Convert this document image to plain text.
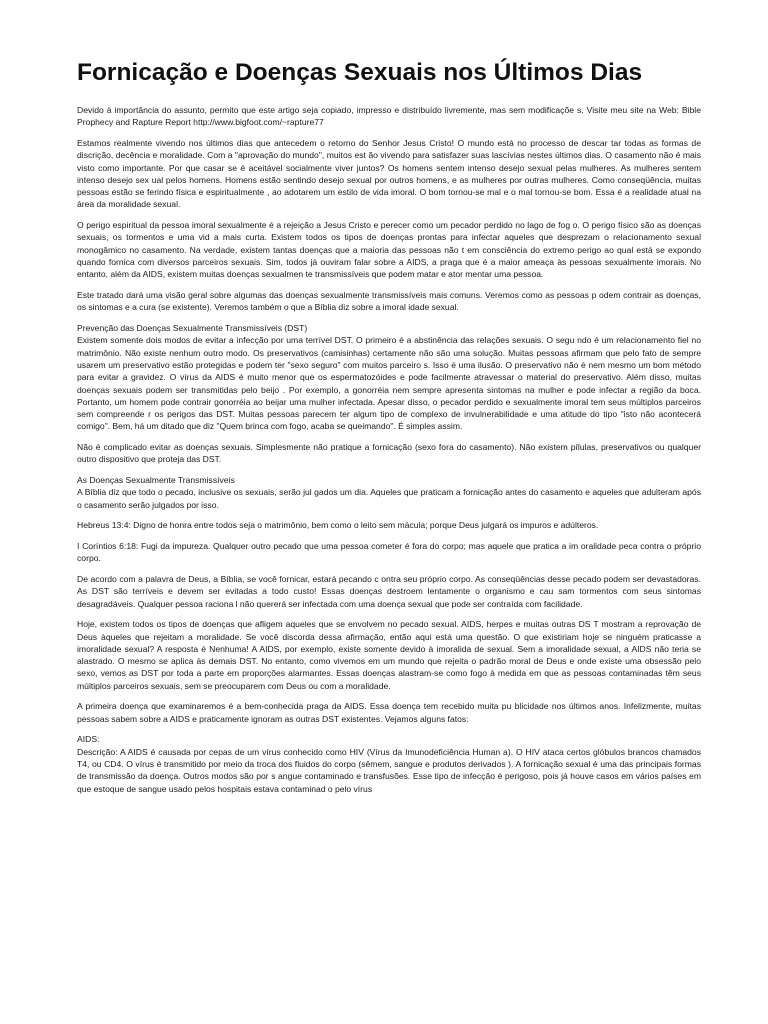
Fornicação e Doenças Sexuais nos Últimos Dias

Devido à importância do assunto, permito que este artigo seja copiado, impresso e distribuído livremente, mas sem modificaçõe s. Visite meu site na Web: Bible Prophecy and Rapture Report http://www.bigfoot.com/~rapture77

Estamos realmente vivendo nos últimos dias que antecedem o retorno do Senhor Jesus Cristo! O mundo está no processo de descar tar todas as formas de discrição, decência e moralidade. Com a "aprovação do mundo", muitos est ão vivendo para satisfazer suas lascívias nestes últimos dias. O casamento não é mais visto como importante. Por que casar se é aceitável socialmente viver juntos? Os homens sentem intenso desejo sexual pelas mulheres. As mulheres sentem intenso desejo sex ual pelos homens. Homens estão sentindo desejo sexual por outros homens, e as mulheres por outras mulheres. Como conseqüência, muitas pessoas estão se ferindo física e espiritualmente , ao adotarem um estilo de vida imoral. O bom tornou-se mal e o mal tornou-se bom. Essa é a realidade atual na área da moralidade sexual.

O perigo espiritual da pessoa imoral sexualmente é a rejeição a Jesus Cristo e perecer como um pecador perdido no lago de fog o. O perigo físico são as doenças sexuais, os tormentos e uma vid a mais curta. Existem todos os tipos de doenças prontas para infectar aqueles que desprezam o relacionamento sexual monogâmico no casamento. Na verdade, existem tantas doenças que a maioria das pessoas não t em consciência do extremo perigo ao qual está se expondo quando fornica com diversos parceiros sexuais. Sim, todos já ouviram falar sobre a AIDS, a praga que é a maior ameaça às pessoas sexualmente imorais. No entanto, além da AIDS, existem muitas doenças sexualmen te transmissíveis que podem matar e ator mentar uma pessoa.

Este tratado dará uma visão geral sobre algumas das doenças sexualmente transmissíveis mais comuns. Veremos como as pessoas p odem contrair as doenças, os sintomas e a cura (se existente). Veremos também o que a Bíblia diz sobre a imoral idade sexual.

Prevenção das Doenças Sexualmente Transmissíveis (DST)
Existem somente dois modos de evitar a infecção por uma terrível DST. O primeiro é a abstinência das relações sexuais. O segu ndo é um relacionamento fiel no matrimônio. Não existe nenhum outro modo. Os preservativos (camisinhas) certamente não são uma solução. Muitas pessoas afirmam que pelo fato de sempre usarem um preservativo estão protegidas e podem ter "sexo seguro" com muitos parceiro s. Isso é uma ilusão. O preservativo não é nem mesmo um bom método para evitar a gravidez. O vírus da AIDS é muito menor que os espermatozóides e pode facilmente atravessar o material do preservativo. Além disso, muitas doenças sexuais podem ser transmitidas pelo beijo . Por exemplo, a gonorréia nem sempre apresenta sintomas na mulher e pode infectar a região da boca. Portanto, um homem pode contrair gonorréia ao beijar uma mulher infectada. Apesar disso, o pecador perdido e sexualmente imoral tem seus múltiplos parceiros sem compreende r os perigos das DST. Muitas pessoas parecem ter algum tipo de complexo de invulnerabilidade e uma atitude do tipo "isto não acontecerá comigo". Bem, há um ditado que diz "Quem brinca com fogo, acaba se queimando". É simples assim.

Não é complicado evitar as doenças sexuais. Simplesmente não pratique a fornicação (sexo fora do casamento). Não existem pílulas, preservativos ou qualquer outro dispositivo que proteja das DST.

As Doenças Sexualmente Transmissíveis
A Bíblia diz que todo o pecado, inclusive os sexuais, serão jul gados um dia. Aqueles que praticam a fornicação antes do casamento e aqueles que adulteram após o casamento serão julgados por isso.

Hebreus 13:4: Digno de honra entre todos seja o matrimônio, bem como o leito sem mácula; porque Deus julgará os impuros e adúlteros.

I Coríntios 6:18: Fugi da impureza. Qualquer outro pecado que uma pessoa cometer é fora do corpo; mas aquele que pratica a im oralidade peca contra o próprio corpo.

De acordo com a palavra de Deus, a Bíblia, se você fornicar, estará pecando c ontra seu próprio corpo. As conseqüências desse pecado podem ser devastadoras. As DST são terríveis e devem ser evitadas a todo custo! Essas doenças destroem lentamente o organismo e cau sam tormentos com seus sintomas desagradáveis. Qualquer pessoa raciona l não quererá ser infectada com uma doença sexual que pode ser contraída com facilidade.

Hoje, existem todos os tipos de doenças que afligem aqueles que se envolvem no pecado sexual. AIDS, herpes e muitas outras DS T mostram a reprovação de Deus àqueles que rejeitam a moralidade. Se você discorda dessa afirmação, então aqui está uma questão. O que existiriam hoje se ninguém praticasse a imoralidade sexual? A resposta é Nenhuma! A AIDS, por exemplo, existe somente devido à imoralida de sexual. Sem a imoralidade sexual, a AIDS não teria se alastrado. O mesmo se aplica às demais DST. No entanto, como vivemos em um mundo que rejeita o padrão moral de Deus e onde existe uma obsessão pelo sexo, vemos as DST por toda a parte em proporções alarmantes. Essas doenças alastram-se como fogo à medida em que as pessoas contaminadas têm seus múltiplos parceiros sexuais, sem se preocuparem com Deus ou com a moralidade.

A primeira doença que examinaremos é a bem-conhecida praga da AIDS. Essa doença tem recebido muita pu blicidade nos últimos anos. Infelizmente, muitas pessoas sabem sobre a AIDS e praticamente ignoram as outras DST existentes. Vejamos alguns fatos:

AIDS:
Descrição: A AIDS é causada por cepas de um vírus conhecido como HIV (Vírus da Imunodeficiência Human a). O HIV ataca certos glóbulos brancos chamados T4, ou CD4. O vírus é transmitido por meio da troca dos fluidos do corpo (sêmem, sangue e produtos derivados ). A fornicação sexual é uma das principais formas de transmissão da doença. Outros modos são por s angue contaminado e transfusões. Esse tipo de infecção é perigoso, pois já houve casos em vários países em que estoque de sangue usado pelos hospitais estava contaminad o pelo vírus
